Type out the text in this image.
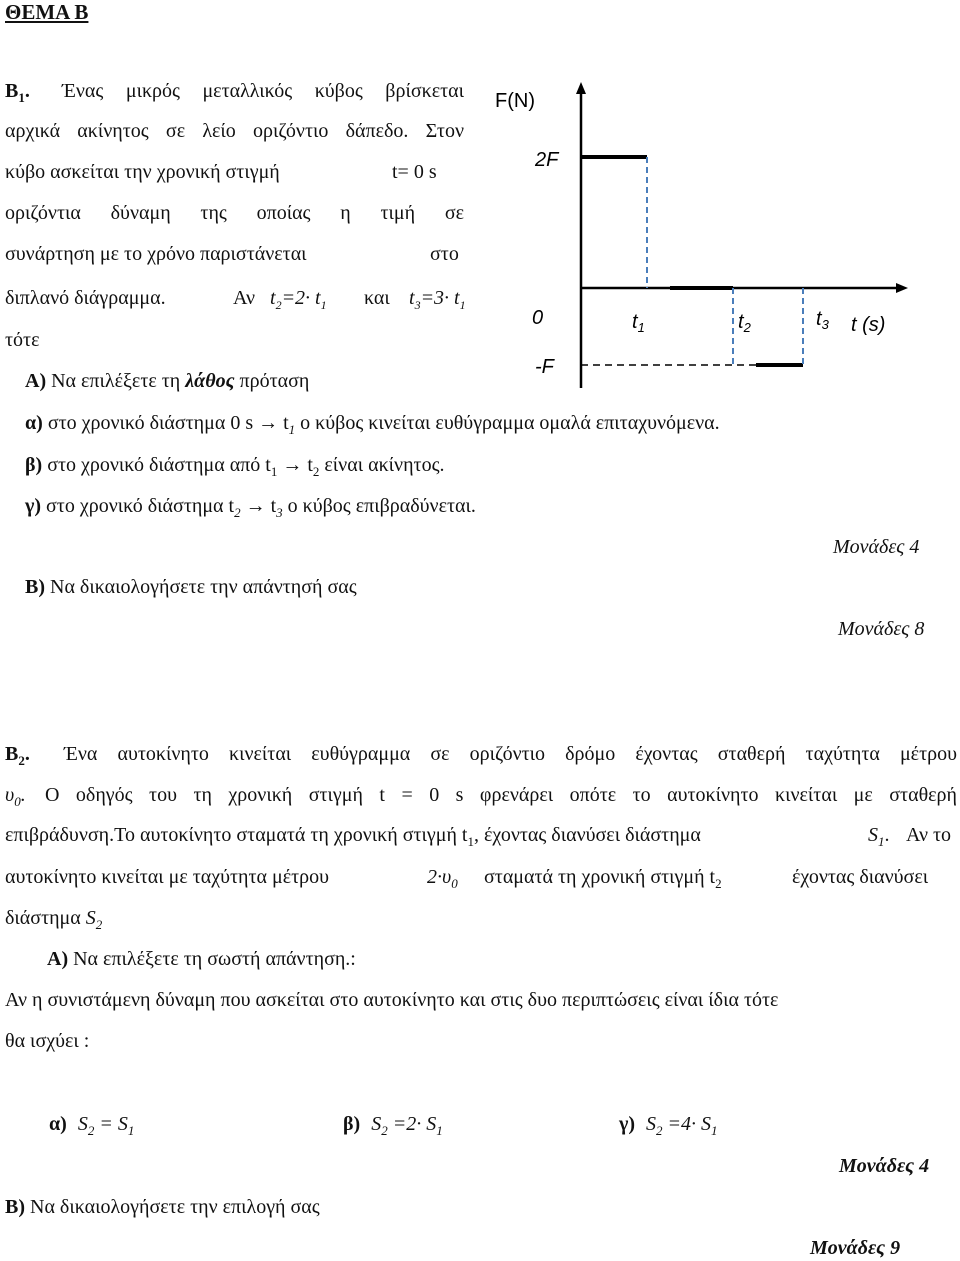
ΘΕΜΑ Β
$B_1$. Ένας μικρός μεταλλικός κύβος βρίσκεται
αρχικά ακίνητος σε λείο οριζόντιο δάπεδο. Στον
κύβο ασκείται την χρονική στιγμή	t= 0 s
οριζόντια δύναμη της οποίας η τιμή σε
συνάρτηση με το χρόνο παριστάνεται	στο
διπλανό διάγραμμα.	Αν $t_2=2\cdot t_1$ και $t_3=3\cdot t_1$
τότε
Α) Να επιλέξετε τη λάθος πρόταση
F(N)
2F
0
-F
$t_1$	$t_2$	$t_3$ t (s)
α) στο χρονικό διάστημα 0 $s \to t_1$ ο κύβος κινείται ευθύγραμμα ομαλά επιταχυνόμενα.
β) στο χρονικό διάστημα από $t_1 \to t_2$ είναι ακίνητος.
γ) στο χρονικό διάστημα $t_2 \to t_3$ ο κύβος επιβραδύνεται.
Μονάδες 4
Β) Να δικαιολογήσετε την απάντησή σας
Μονάδες 8
$B_2$. Ένα αυτοκίνητο κινείται ευθύγραμμα σε οριζόντιο δρόμο έχοντας σταθερή ταχύτητα μέτρου
$\upsilon_0$. Ο οδηγός του τη χρονική στιγμή t = 0 s φρενάρει οπότε το αυτοκίνητο κινείται με σταθερή
επιβράδυνση.Το αυτοκίνητο σταματά τη χρονική στιγμή $t_1$, έχοντας διανύσει διάστημα	$S_1$. Αν το
αυτοκίνητο κινείται με ταχύτητα μέτρου	$2\cdot\upsilon_0$ σταματά τη χρονική στιγμή $t_2$	έχοντας διανύσει
διάστημα $S_2$
Α) Να επιλέξετε τη σωστή απάντηση.:
Αν η συνιστάμενη δύναμη που ασκείται στο αυτοκίνητο και στις δυο περιπτώσεις είναι ίδια τότε
θα ισχύει :
α) $S_2 = S_1$	β) $S_2 =2\cdot S_1$	γ) $S_2 =4\cdot S_1$
Μονάδες 4
Β) Να δικαιολογήσετε την επιλογή σας
Μονάδες 9
